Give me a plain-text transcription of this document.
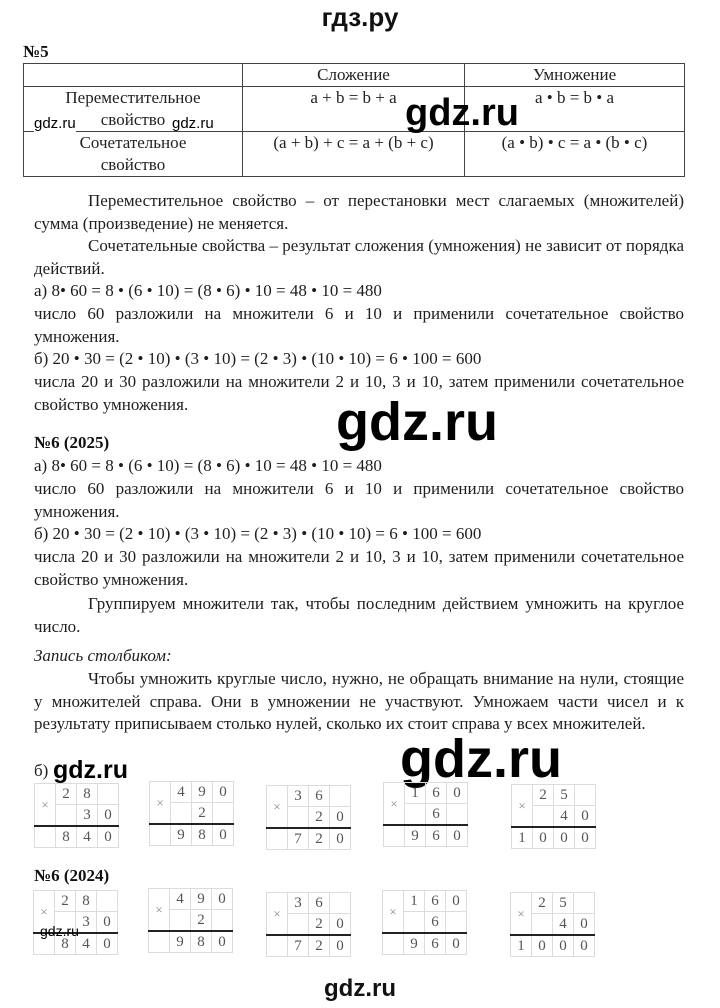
гдз.ру
№5
	Сложение	Умножение

Переместительное
свойство	a + b = b + a	a • b = b • a

Сочетательное
свойство	(a + b) + c = a + (b + c)	(a • b) • c = a • (b • c)
gdz.ru	gdz.ru	gdz.ru
Переместительное свойство – от перестановки мест слагаемых (множителей) сумма (произведение) не меняется.
Сочетательные свойства – результат сложения (умножения) не зависит от порядка действий.
а) 8• 60 = 8 • (6 • 10) = (8 • 6) • 10 = 48 • 10 = 480
число 60 разложили на множители 6 и 10 и применили сочетательное свойство умножения.
б) 20 • 30 = (2 • 10) • (3 • 10) = (2 • 3) • (10 • 10) = 6 • 100 = 600
числа 20 и 30 разложили на множители 2 и 10, 3 и 10, затем применили сочетательное свойство умножения.	gdz.ru
№6 (2025)
а) 8• 60 = 8 • (6 • 10) = (8 • 6) • 10 = 48 • 10 = 480
число 60 разложили на множители 6 и 10 и применили сочетательное свойство умножения.
б) 20 • 30 = (2 • 10) • (3 • 10) = (2 • 3) • (10 • 10) = 6 • 100 = 600
числа 20 и 30 разложили на множители 2 и 10, 3 и 10, затем применили сочетательное свойство умножения.
Группируем множители так, чтобы последним действием умножить на круглое число.
Запись столбиком:
Чтобы умножить круглые число, нужно, не обращать внимание на нули, стоящие у множителей справа. Они в умножении не участвуют. Умножаем части чисел и к результату приписываем столько нулей, сколько их стоит справа у всех множителей.
gdz.ru
б) gdz.ru
×	2	8	
		3	0
	8	4	0
×	4	9	0
		2	
	9	8	0
×	3	6	
		2	0
	7	2	0
×	1	6	0
		6	
	9	6	0
×	2	5	
		4	0
1	0	0	0
№6 (2024)
×	2	8	
		3	0
	8	4	0
×	4	9	0
		2	
	9	8	0
×	3	6	
		2	0
	7	2	0
×	1	6	0
		6	
	9	6	0
×	2	5	
		4	0
1	0	0	0
gdz.ru
gdz.ru
